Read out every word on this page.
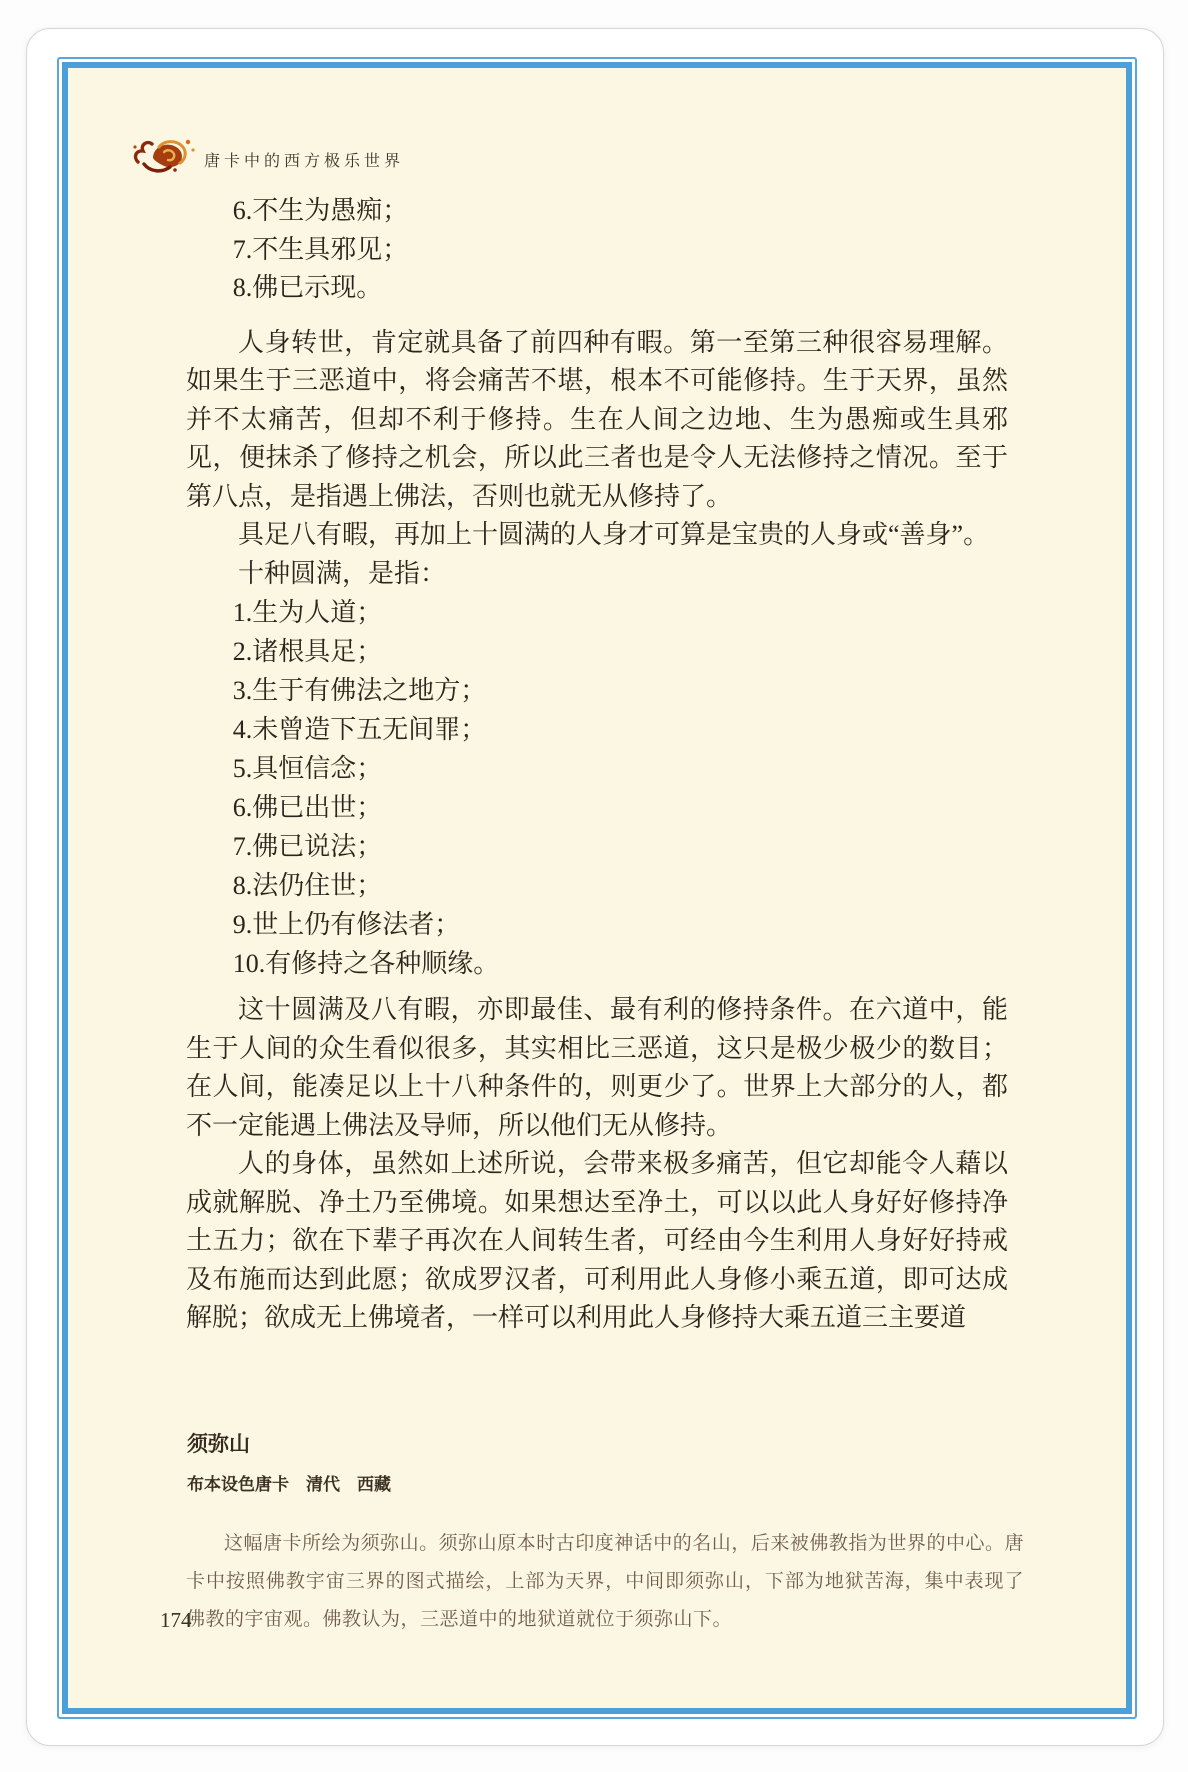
唐卡中的西方极乐世界
6.不生为愚痴；
7.不生具邪见；
8.佛已示现。

人身转世，肯定就具备了前四种有暇。第一至第三种很容易理解。如果生于三恶道中，将会痛苦不堪，根本不可能修持。生于天界，虽然并不太痛苦，但却不利于修持。生在人间之边地、生为愚痴或生具邪见，便抹杀了修持之机会，所以此三者也是令人无法修持之情况。至于第八点，是指遇上佛法，否则也就无从修持了。

具足八有暇，再加上十圆满的人身才可算是宝贵的人身或“善身”。

十种圆满，是指：

1.生为人道；
2.诸根具足；
3.生于有佛法之地方；
4.未曾造下五无间罪；
5.具恒信念；
6.佛已出世；
7.佛已说法；
8.法仍住世；
9.世上仍有修法者；
10.有修持之各种顺缘。

这十圆满及八有暇，亦即最佳、最有利的修持条件。在六道中，能生于人间的众生看似很多，其实相比三恶道，这只是极少极少的数目；在人间，能凑足以上十八种条件的，则更少了。世界上大部分的人，都不一定能遇上佛法及导师，所以他们无从修持。

人的身体，虽然如上述所说，会带来极多痛苦，但它却能令人藉以成就解脱、净土乃至佛境。如果想达至净土，可以以此人身好好修持净土五力；欲在下辈子再次在人间转生者，可经由今生利用人身好好持戒及布施而达到此愿；欲成罗汉者，可利用此人身修小乘五道，即可达成解脱；欲成无上佛境者，一样可以利用此人身修持大乘五道三主要道

须弥山

布本设色唐卡　清代　西藏

这幅唐卡所绘为须弥山。须弥山原本时古印度神话中的名山，后来被佛教指为世界的中心。唐卡中按照佛教宇宙三界的图式描绘，上部为天界，中间即须弥山，下部为地狱苦海，集中表现了佛教的宇宙观。佛教认为，三恶道中的地狱道就位于须弥山下。

174
